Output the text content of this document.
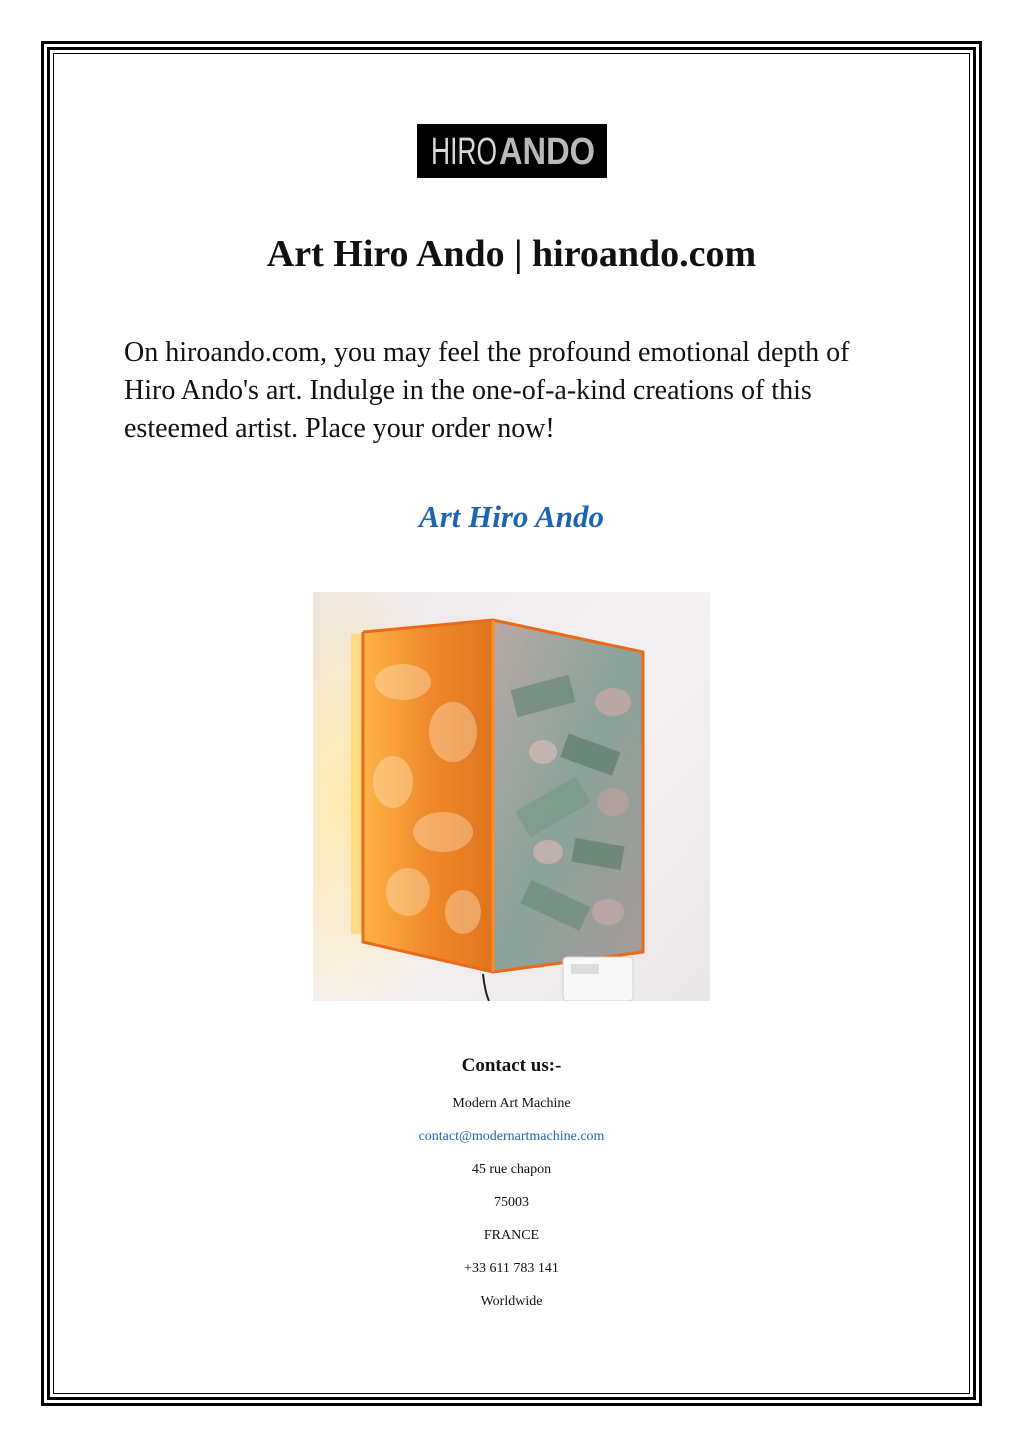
HIRO ANDO
Art Hiro Ando | hiroando.com

On hiroando.com, you may feel the profound emotional depth of Hiro Ando's art. Indulge in the one-of-a-kind creations of this esteemed artist. Place your order now!

Art Hiro Ando
Contact us:-
Modern Art Machine
contact@modernartmachine.com
45 rue chapon
75003
FRANCE
+33 611 783 141
Worldwide
